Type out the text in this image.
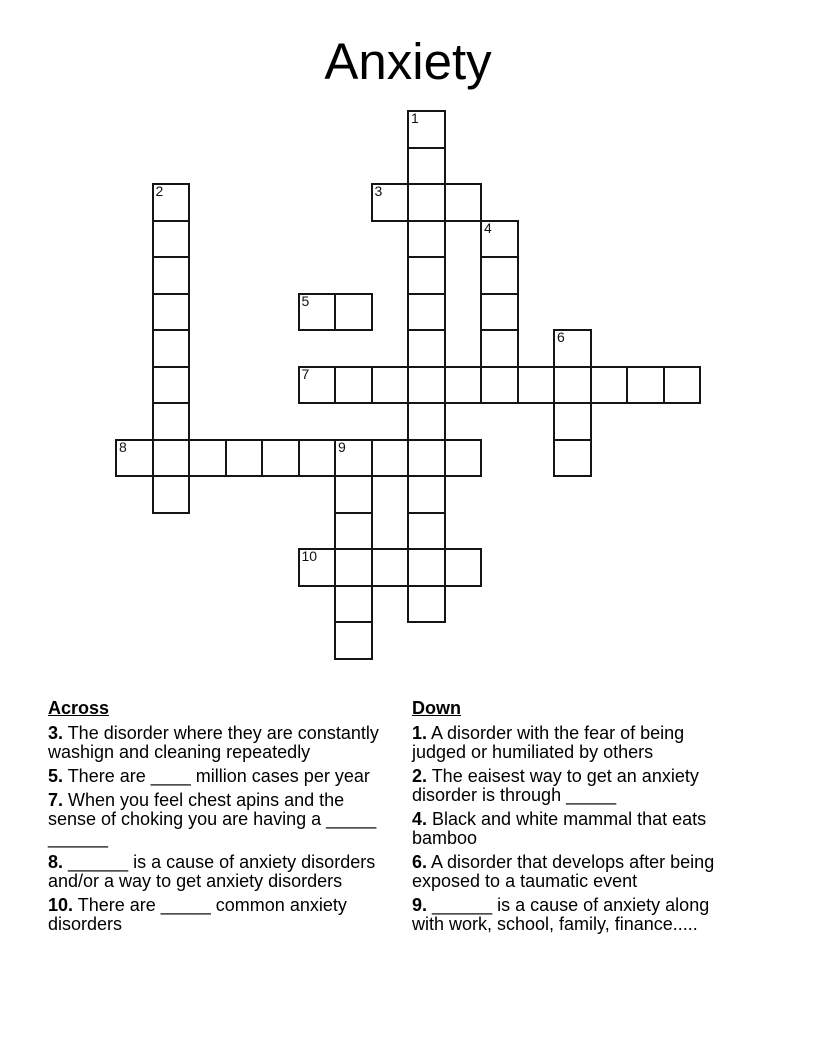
Anxiety
3
5
7
8	9
10
1
2
4
6
Across
3. The disorder where they are constantly washign and cleaning repeatedly
5. There are ____ million cases per year
7. When you feel chest apins and the sense of choking you are having a _____ ______
8. ______ is a cause of anxiety disorders and/or a way to get anxiety disorders
10. There are _____ common anxiety disorders
Down
1. A disorder with the fear of being judged or humiliated by others
2. The eaisest way to get an anxiety disorder is through _____
4. Black and white mammal that eats bamboo
6. A disorder that develops after being exposed to a taumatic event
9. ______ is a cause of anxiety along with work, school, family, finance.....
